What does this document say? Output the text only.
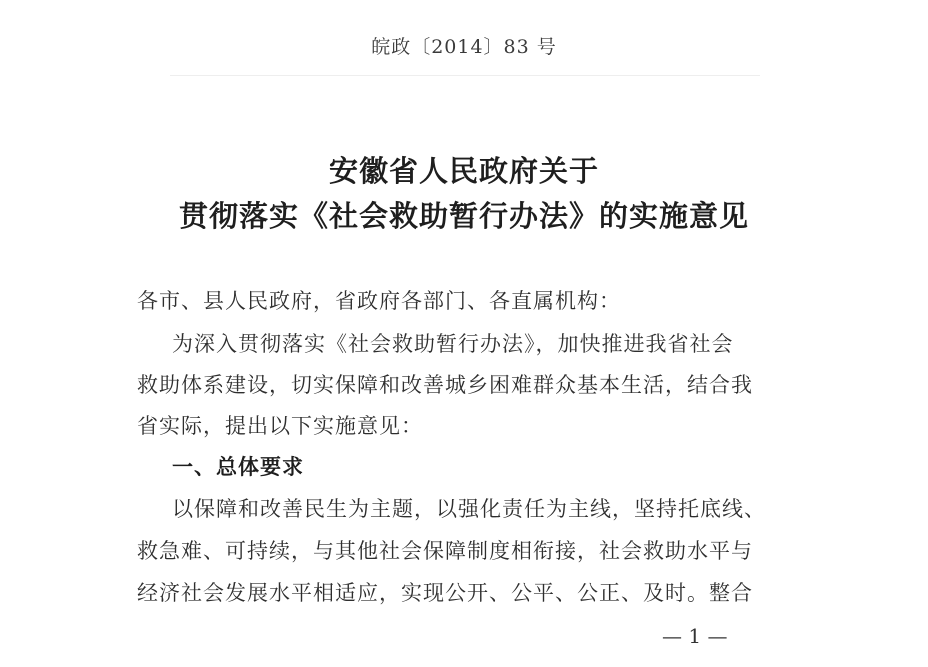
皖政〔2014〕83 号
安徽省人民政府关于
贯彻落实《社会救助暂行办法》的实施意见
各市、县人民政府，省政府各部门、各直属机构：
为深入贯彻落实《社会救助暂行办法》，加快推进我省社会
救助体系建设，切实保障和改善城乡困难群众基本生活，结合我
省实际，提出以下实施意见：
一、总体要求
以保障和改善民生为主题，以强化责任为主线，坚持托底线、
救急难、可持续，与其他社会保障制度相衔接，社会救助水平与
经济社会发展水平相适应，实现公开、公平、公正、及时。整合
— 1 —
